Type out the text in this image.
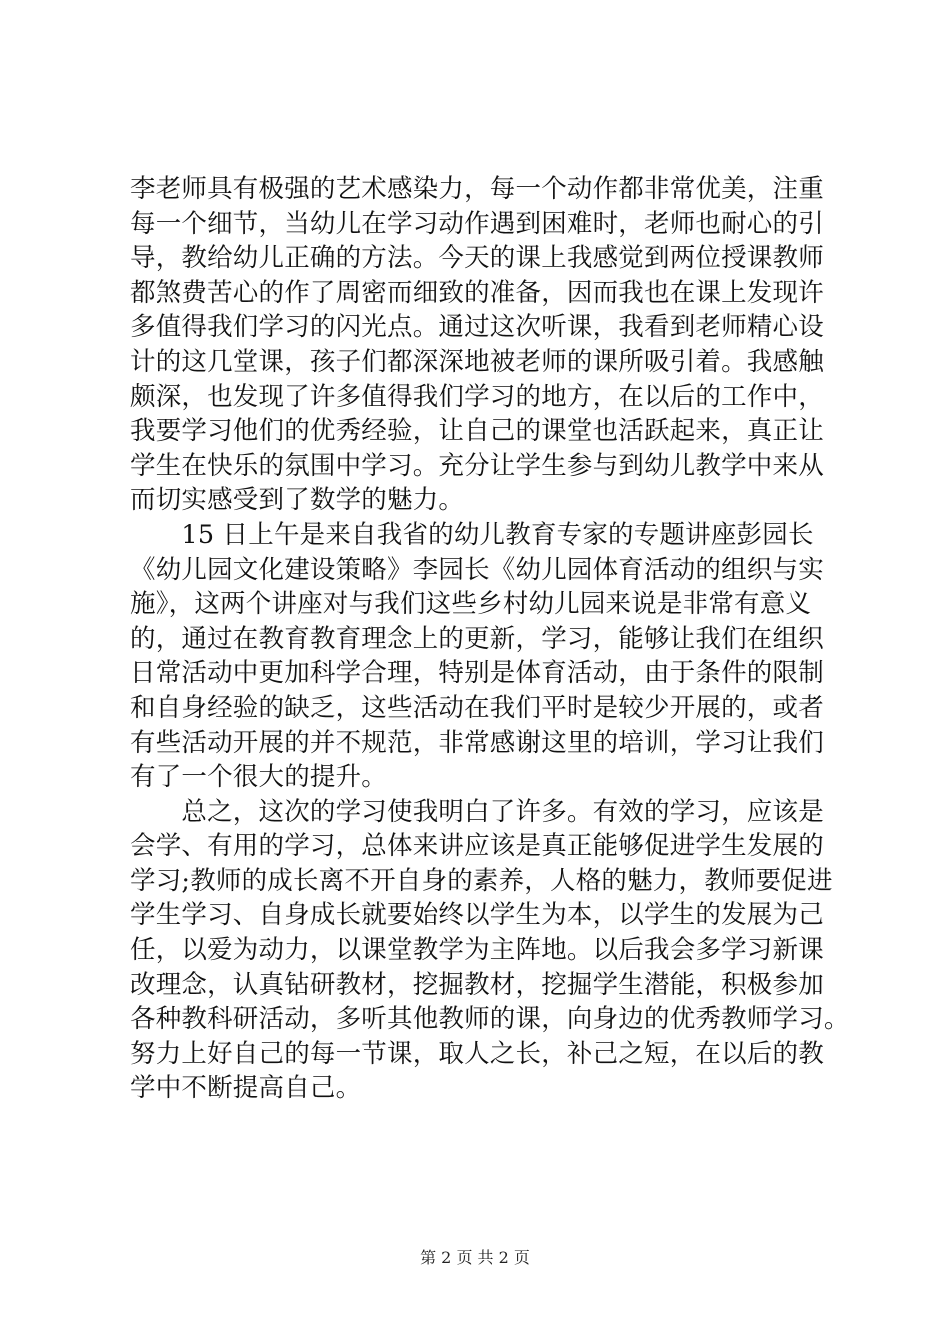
李老师具有极强的艺术感染力，每一个动作都非常优美，注重
每一个细节，当幼儿在学习动作遇到困难时，老师也耐心的引
导，教给幼儿正确的方法。今天的课上我感觉到两位授课教师
都煞费苦心的作了周密而细致的准备，因而我也在课上发现许
多值得我们学习的闪光点。通过这次听课，我看到老师精心设
计的这几堂课，孩子们都深深地被老师的课所吸引着。我感触
颇深，也发现了许多值得我们学习的地方，在以后的工作中，
我要学习他们的优秀经验，让自己的课堂也活跃起来，真正让
学生在快乐的氛围中学习。充分让学生参与到幼儿教学中来从
而切实感受到了数学的魅力。
　　15 日上午是来自我省的幼儿教育专家的专题讲座彭园长
《幼儿园文化建设策略》李园长《幼儿园体育活动的组织与实
施》，这两个讲座对与我们这些乡村幼儿园来说是非常有意义
的，通过在教育教育理念上的更新，学习，能够让我们在组织
日常活动中更加科学合理，特别是体育活动，由于条件的限制
和自身经验的缺乏，这些活动在我们平时是较少开展的，或者
有些活动开展的并不规范，非常感谢这里的培训，学习让我们
有了一个很大的提升。
　　总之，这次的学习使我明白了许多。有效的学习，应该是
会学、有用的学习，总体来讲应该是真正能够促进学生发展的
学习;教师的成长离不开自身的素养，人格的魅力，教师要促进
学生学习、自身成长就要始终以学生为本，以学生的发展为己
任，以爱为动力，以课堂教学为主阵地。以后我会多学习新课
改理念，认真钻研教材，挖掘教材，挖掘学生潜能，积极参加
各种教科研活动，多听其他教师的课，向身边的优秀教师学习。
努力上好自己的每一节课，取人之长，补己之短，在以后的教
学中不断提高自己。
第 2 页 共 2 页
